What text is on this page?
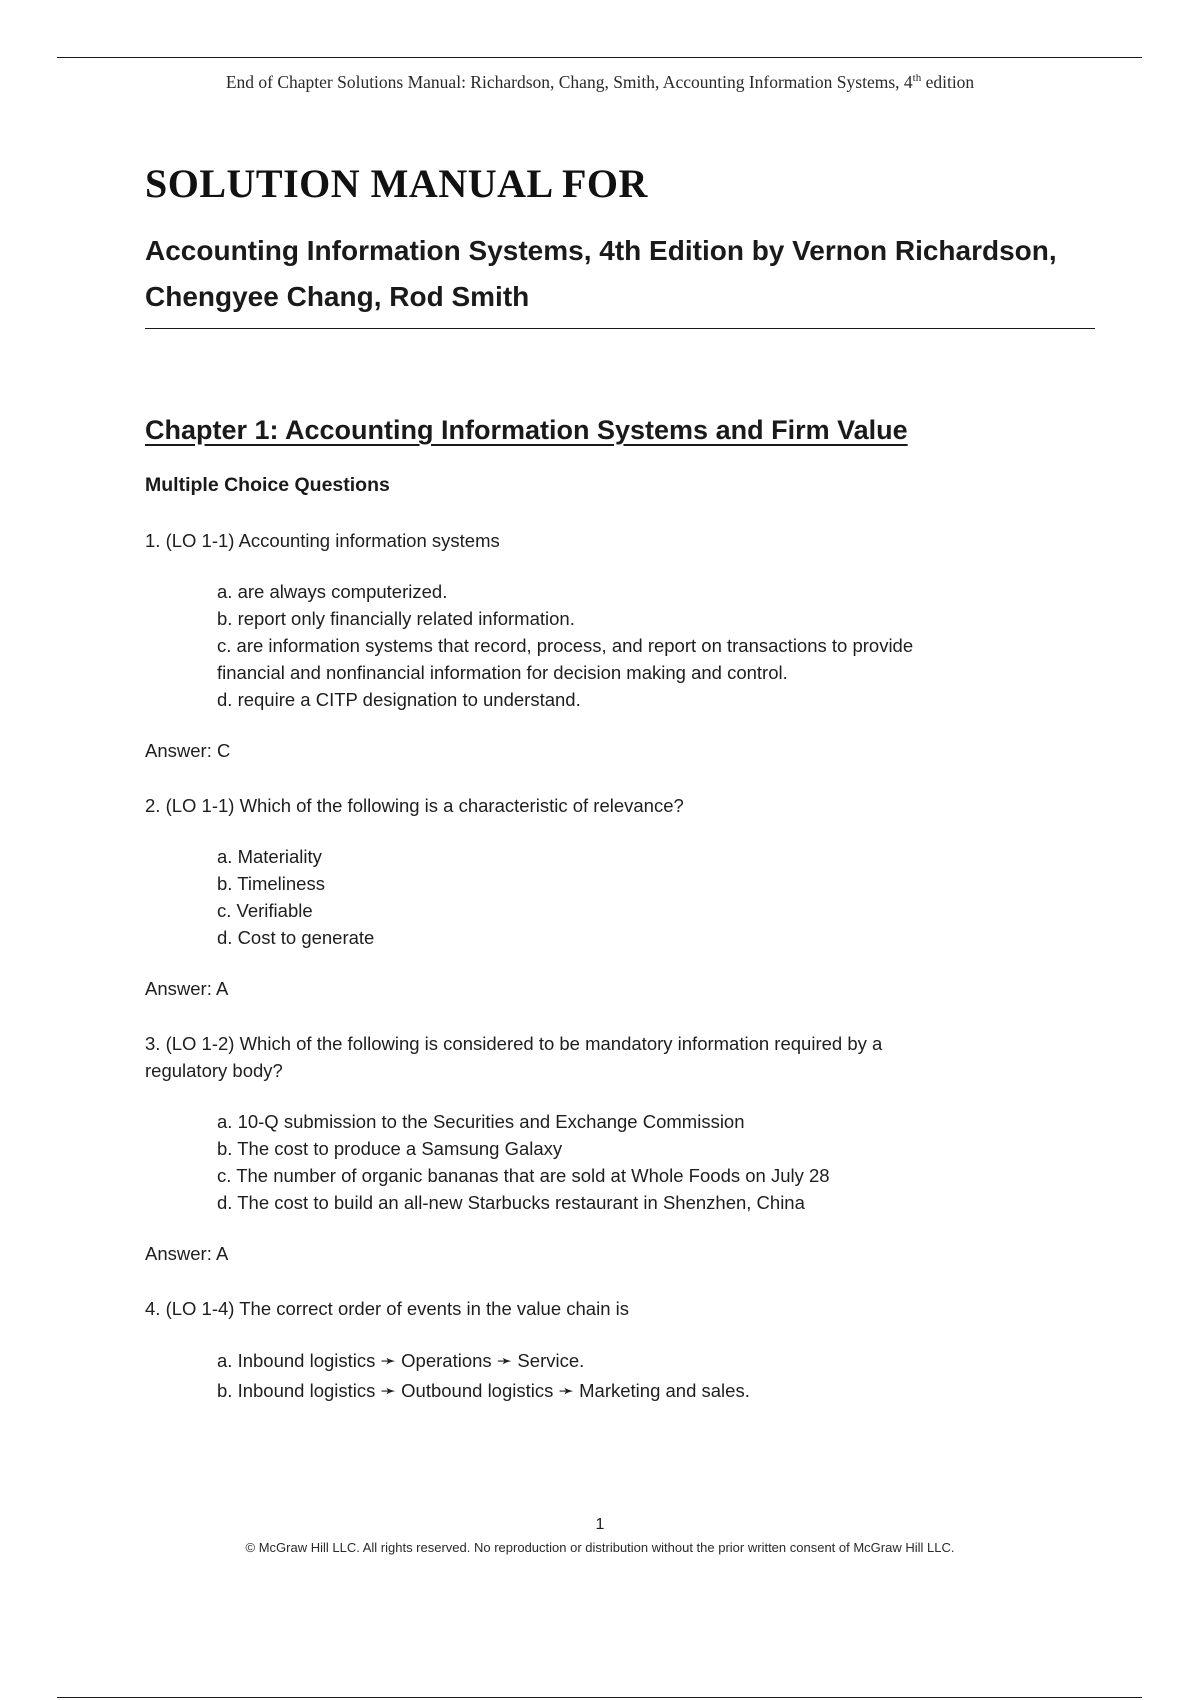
End of Chapter Solutions Manual: Richardson, Chang, Smith, Accounting Information Systems, 4th edition
SOLUTION MANUAL FOR
Accounting Information Systems, 4th Edition by Vernon Richardson,
Chengyee Chang, Rod Smith
Chapter 1: Accounting Information Systems and Firm Value
Multiple Choice Questions
1. (LO 1-1) Accounting information systems
a. are always computerized.
b. report only financially related information.
c. are information systems that record, process, and report on transactions to provide
financial and nonfinancial information for decision making and control.
d. require a CITP designation to understand.
Answer: C
2. (LO 1-1) Which of the following is a characteristic of relevance?
a. Materiality
b. Timeliness
c. Verifiable
d. Cost to generate
Answer: A
3. (LO 1-2) Which of the following is considered to be mandatory information required by a
regulatory body?
a. 10-Q submission to the Securities and Exchange Commission
b. The cost to produce a Samsung Galaxy
c. The number of organic bananas that are sold at Whole Foods on July 28
d. The cost to build an all-new Starbucks restaurant in Shenzhen, China
Answer: A
4. (LO 1-4) The correct order of events in the value chain is
a. Inbound logistics ➛ Operations ➛ Service.
b. Inbound logistics ➛ Outbound logistics ➛ Marketing and sales.
1
© McGraw Hill LLC. All rights reserved. No reproduction or distribution without the prior written consent of McGraw Hill LLC.
